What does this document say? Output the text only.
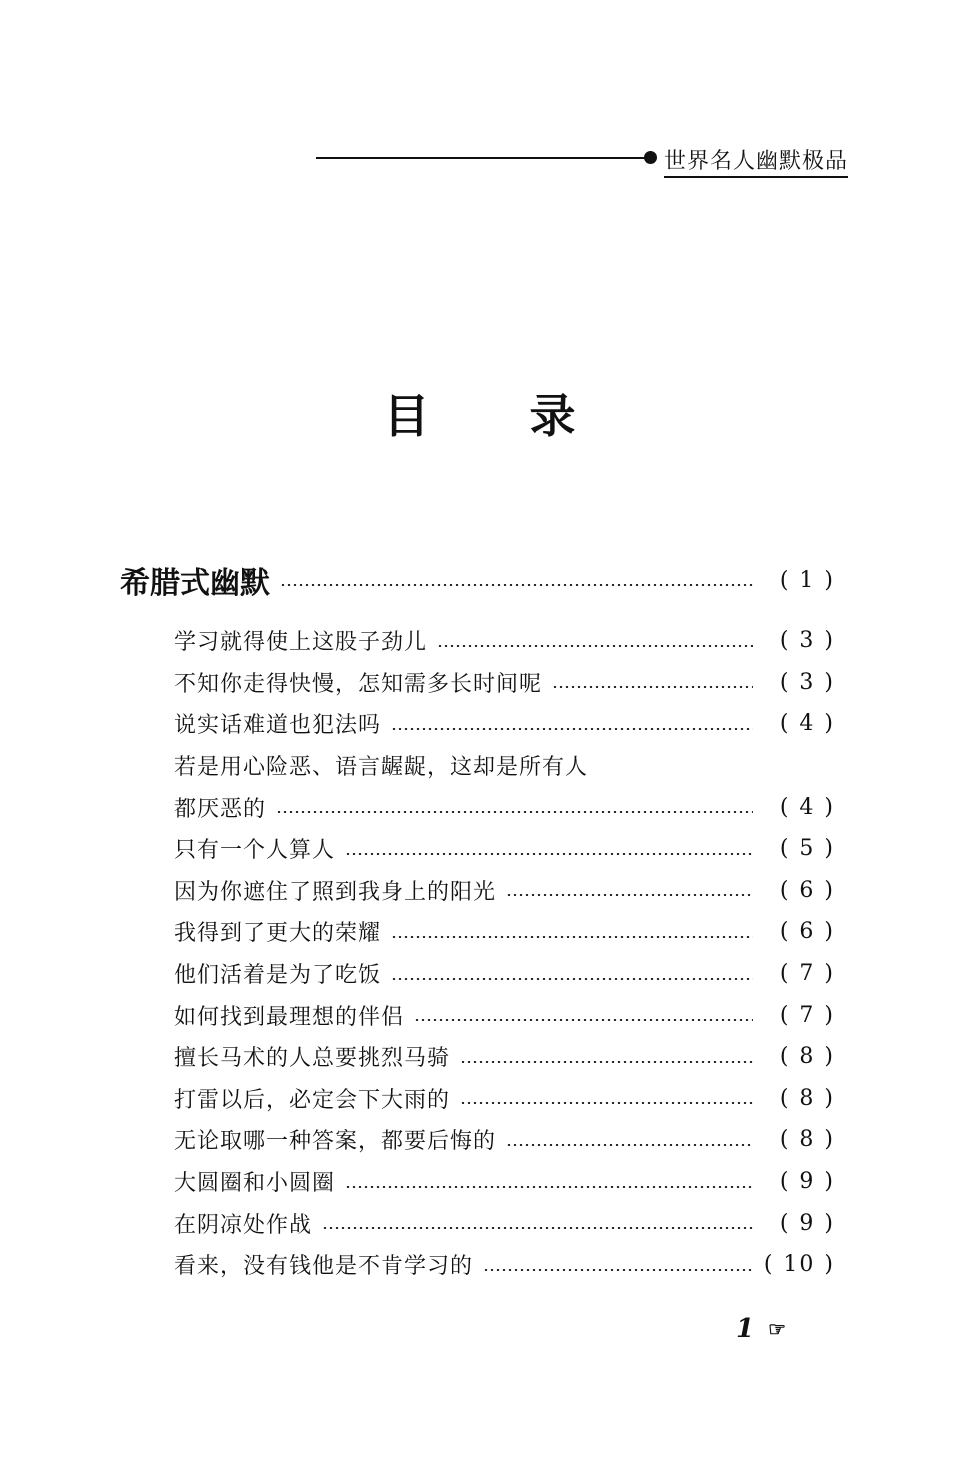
世界名人幽默极品
目 录
希腊式幽默	( 1 )
学习就得使上这股子劲儿	( 3 )
不知你走得快慢，怎知需多长时间呢	( 3 )
说实话难道也犯法吗	( 4 )
若是用心险恶、语言龌龊，这却是所有人
都厌恶的	( 4 )
只有一个人算人	( 5 )
因为你遮住了照到我身上的阳光	( 6 )
我得到了更大的荣耀	( 6 )
他们活着是为了吃饭	( 7 )
如何找到最理想的伴侣	( 7 )
擅长马术的人总要挑烈马骑	( 8 )
打雷以后，必定会下大雨的	( 8 )
无论取哪一种答案，都要后悔的	( 8 )
大圆圈和小圆圈	( 9 )
在阴凉处作战	( 9 )
看来，没有钱他是不肯学习的	( 10 )
1 ☞
